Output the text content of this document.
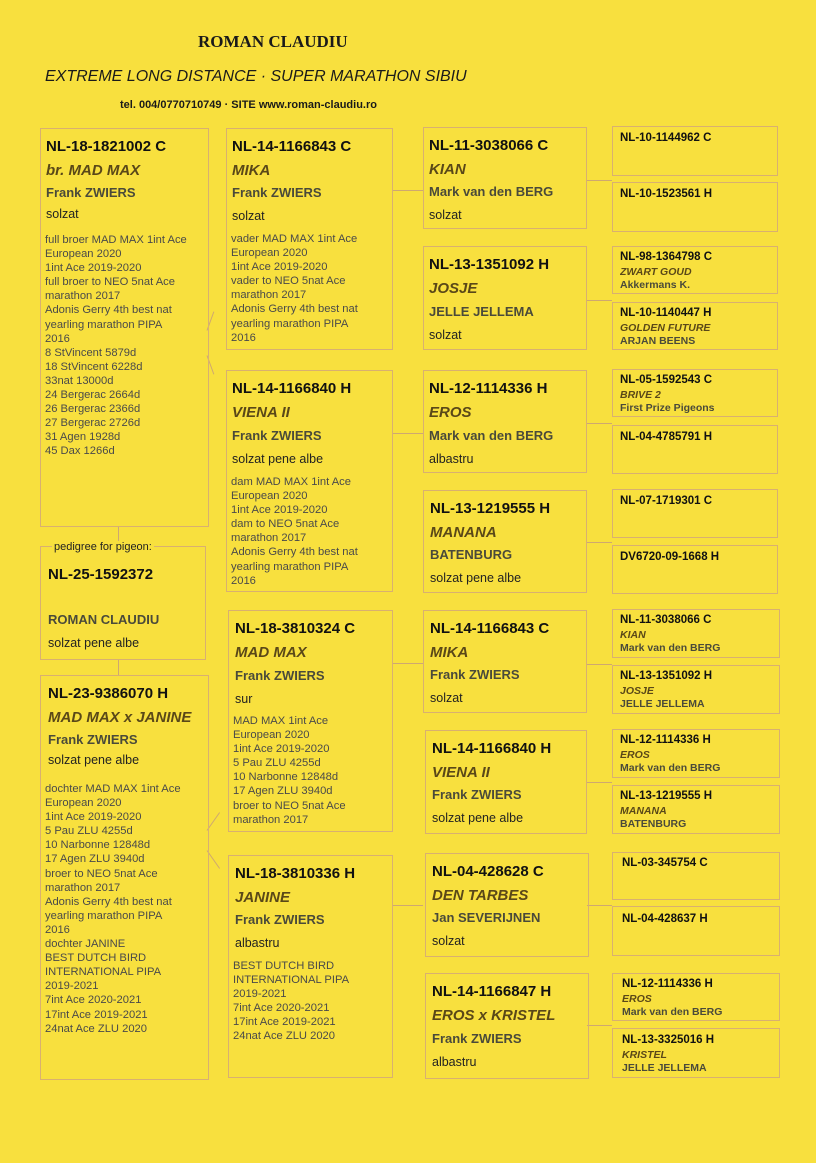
ROMAN CLAUDIU
EXTREME LONG DISTANCE · SUPER MARATHON SIBIU
tel. 004/0770710749 · SITE www.roman-claudiu.ro
NL-18-1821002 C
br. MAD MAX
Frank ZWIERS
solzat
full broer MAD MAX 1int Ace
European 2020
1int Ace 2019-2020
full broer to NEO 5nat Ace
marathon 2017
Adonis Gerry 4th best nat
yearling marathon PIPA
2016
8 StVincent 5879d
18 StVincent 6228d
33nat 13000d
24 Bergerac 2664d
26 Bergerac 2366d
27 Bergerac 2726d
31 Agen 1928d
45 Dax 1266d
NL-25-1592372
ROMAN CLAUDIU
solzat pene albe
pedigree for pigeon:
NL-23-9386070 H
MAD MAX x JANINE
Frank ZWIERS
solzat pene albe
dochter MAD MAX 1int Ace
European 2020
1int Ace 2019-2020
5 Pau ZLU 4255d
10 Narbonne 12848d
17 Agen ZLU 3940d
broer to NEO 5nat Ace
marathon 2017
Adonis Gerry 4th best nat
yearling marathon PIPA
2016
dochter JANINE
BEST DUTCH BIRD
INTERNATIONAL PIPA
2019-2021
7int Ace 2020-2021
17int Ace 2019-2021
24nat Ace ZLU 2020
NL-14-1166843 C
MIKA
Frank ZWIERS
solzat
vader MAD MAX 1int Ace
European 2020
1int Ace 2019-2020
vader to NEO 5nat Ace
marathon 2017
Adonis Gerry 4th best nat
yearling marathon PIPA
2016
NL-14-1166840 H
VIENA II
Frank ZWIERS
solzat pene albe
dam MAD MAX 1int Ace
European 2020
1int Ace 2019-2020
dam to NEO 5nat Ace
marathon 2017
Adonis Gerry 4th best nat
yearling marathon PIPA
2016
NL-18-3810324 C
MAD MAX
Frank ZWIERS
sur
MAD MAX 1int Ace
European 2020
1int Ace 2019-2020
5 Pau ZLU 4255d
10 Narbonne 12848d
17 Agen ZLU 3940d
broer to NEO 5nat Ace
marathon 2017
NL-18-3810336 H
JANINE
Frank ZWIERS
albastru
BEST DUTCH BIRD
INTERNATIONAL PIPA
2019-2021
7int Ace 2020-2021
17int Ace 2019-2021
24nat Ace ZLU 2020
NL-11-3038066 C
KIAN
Mark van den BERG
solzat
NL-13-1351092 H
JOSJE
JELLE JELLEMA
solzat
NL-12-1114336 H
EROS
Mark van den BERG
albastru
NL-13-1219555 H
MANANA
BATENBURG
solzat pene albe
NL-14-1166843 C
MIKA
Frank ZWIERS
solzat
NL-14-1166840 H
VIENA II
Frank ZWIERS
solzat pene albe
NL-04-428628 C
DEN TARBES
Jan SEVERIJNEN
solzat
NL-14-1166847 H
EROS x KRISTEL
Frank ZWIERS
albastru
NL-10-1144962 C
NL-10-1523561 H
NL-98-1364798 C
ZWART GOUD
Akkermans K.
NL-10-1140447 H
GOLDEN FUTURE
ARJAN BEENS
NL-05-1592543 C
BRIVE 2
First Prize Pigeons
NL-04-4785791 H
NL-07-1719301 C
DV6720-09-1668 H
NL-11-3038066 C
KIAN
Mark van den BERG
NL-13-1351092 H
JOSJE
JELLE JELLEMA
NL-12-1114336 H
EROS
Mark van den BERG
NL-13-1219555 H
MANANA
BATENBURG
NL-03-345754 C
NL-04-428637 H
NL-12-1114336 H
EROS
Mark van den BERG
NL-13-3325016 H
KRISTEL
JELLE JELLEMA
